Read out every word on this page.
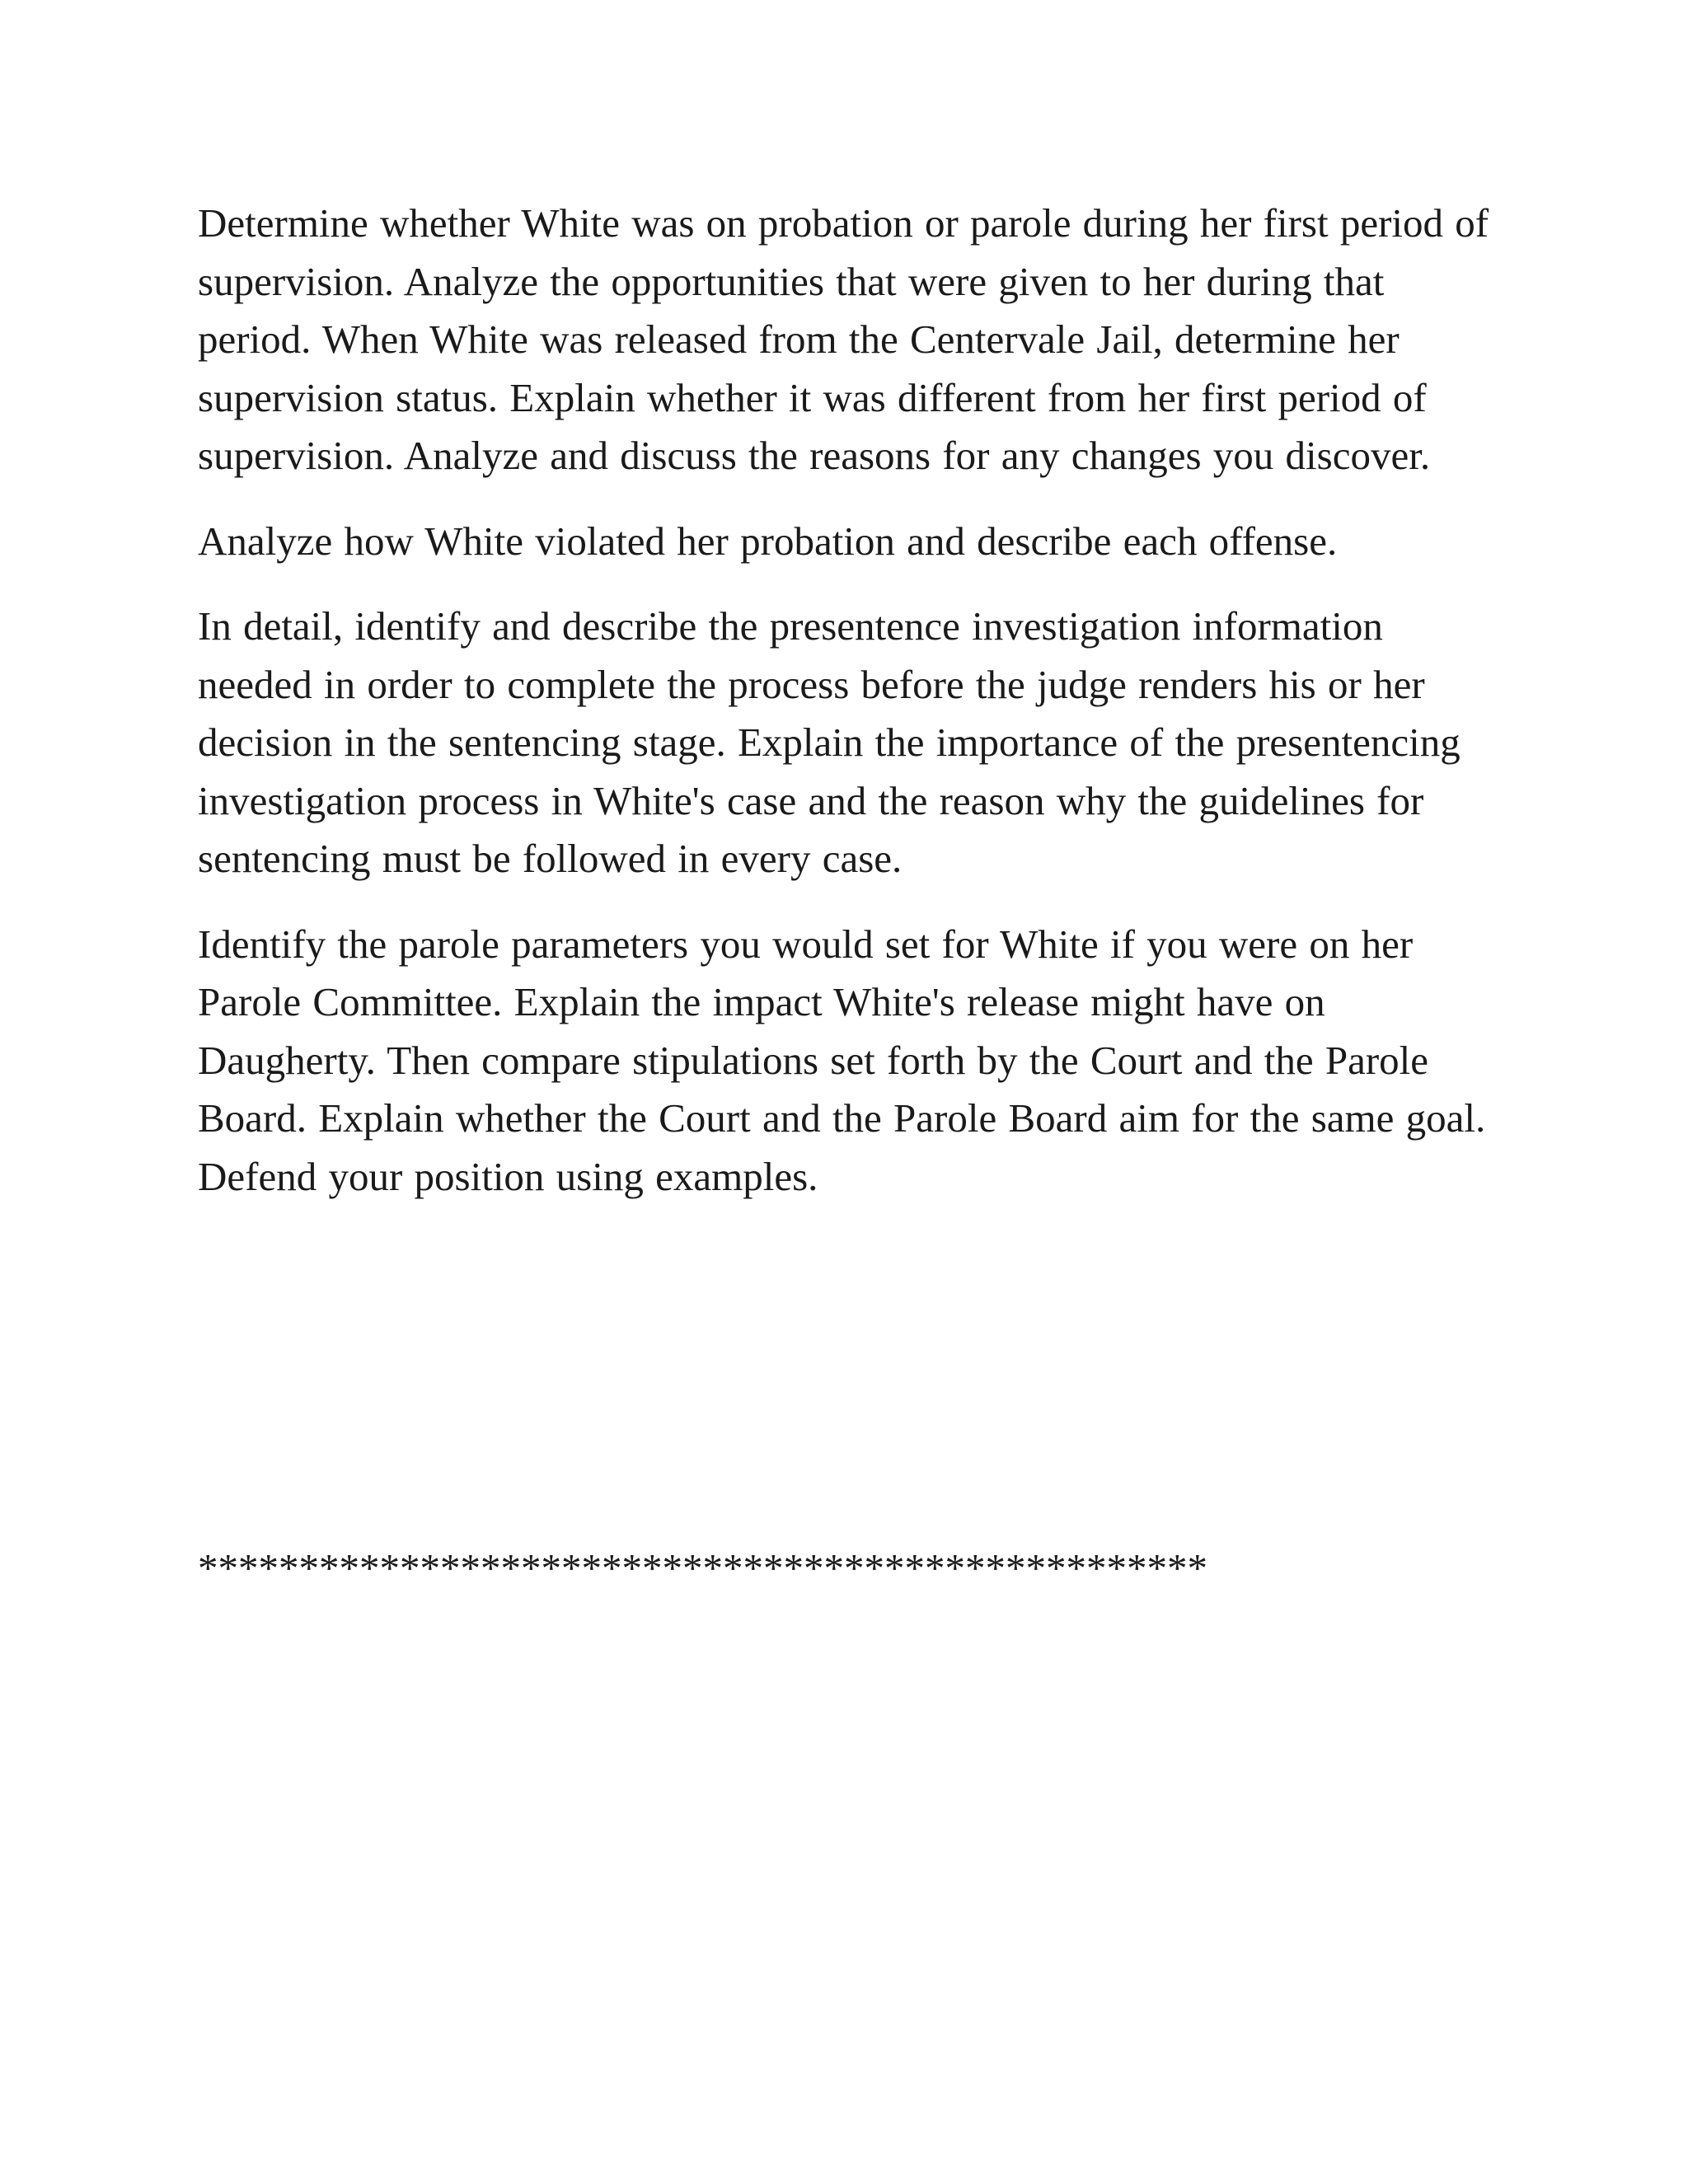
Determine whether White was on probation or parole during her first period of supervision. Analyze the opportunities that were given to her during that period. When White was released from the Centervale Jail, determine her supervision status. Explain whether it was different from her first period of supervision. Analyze and discuss the reasons for any changes you discover.

Analyze how White violated her probation and describe each offense.

In detail, identify and describe the presentence investigation information needed in order to complete the process before the judge renders his or her decision in the sentencing stage. Explain the importance of the presentencing investigation process in White's case and the reason why the guidelines for sentencing must be followed in every case.

Identify the parole parameters you would set for White if you were on her Parole Committee. Explain the impact White's release might have on Daugherty. Then compare stipulations set forth by the Court and the Parole Board. Explain whether the Court and the Parole Board aim for the same goal. Defend your position using examples.

**************************************************
